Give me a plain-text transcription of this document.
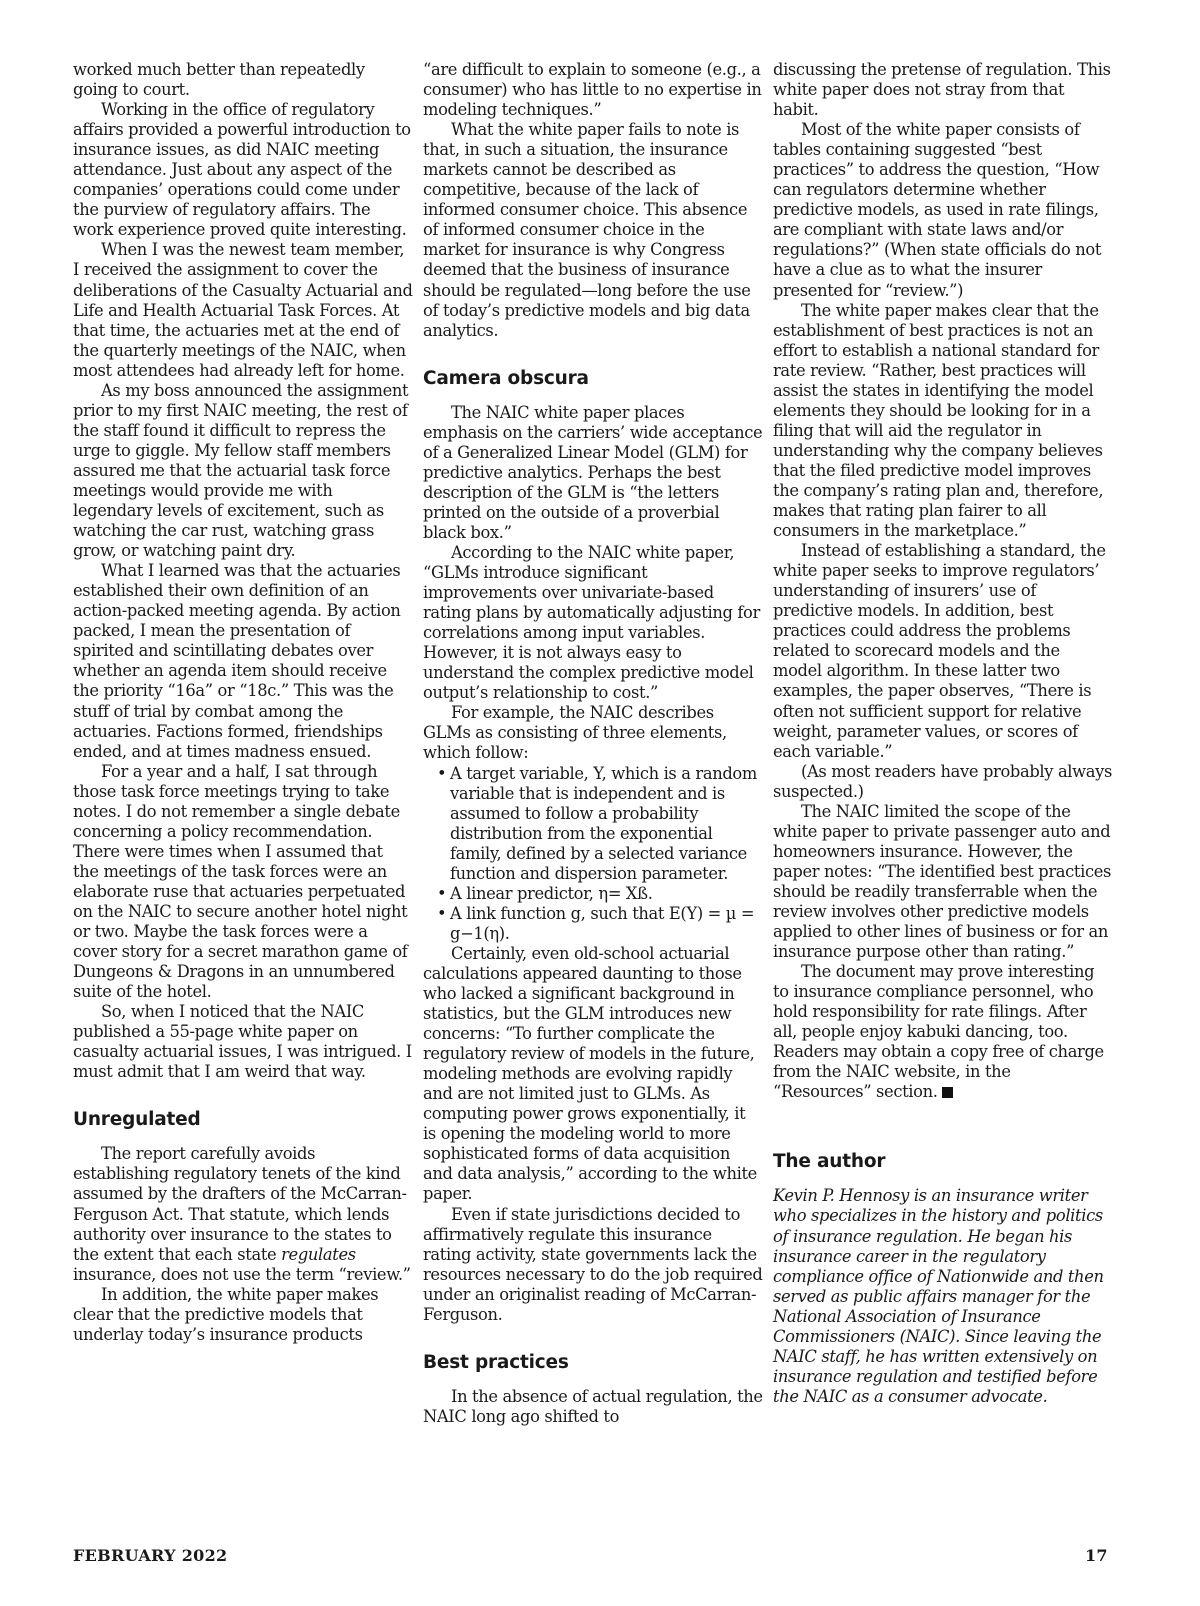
worked much better than repeatedly going to court.

Working in the office of regulatory affairs provided a powerful introduction to insurance issues, as did NAIC meeting attendance. Just about any aspect of the companies’ operations could come under the purview of regulatory affairs. The work experience proved quite interesting.

When I was the newest team member, I received the assignment to cover the deliberations of the Casualty Actuarial and Life and Health Actuarial Task Forces. At that time, the actuaries met at the end of the quarterly meetings of the NAIC, when most attendees had already left for home.

As my boss announced the assignment prior to my first NAIC meeting, the rest of the staff found it difficult to repress the urge to giggle. My fellow staff members assured me that the actuarial task force meetings would provide me with legendary levels of excitement, such as watching the car rust, watching grass grow, or watching paint dry.

What I learned was that the actuaries established their own definition of an action-packed meeting agenda. By action packed, I mean the presentation of spirited and scintillating debates over whether an agenda item should receive the priority “16a” or “18c.” This was the stuff of trial by combat among the actuaries. Factions formed, friendships ended, and at times madness ensued.

For a year and a half, I sat through those task force meetings trying to take notes. I do not remember a single debate concerning a policy recommendation. There were times when I assumed that the meetings of the task forces were an elaborate ruse that actuaries perpetuated on the NAIC to secure another hotel night or two. Maybe the task forces were a cover story for a secret marathon game of Dungeons & Dragons in an unnumbered suite of the hotel.

So, when I noticed that the NAIC published a 55-page white paper on casualty actuarial issues, I was intrigued. I must admit that I am weird that way.

Unregulated

The report carefully avoids establishing regulatory tenets of the kind assumed by the drafters of the McCarran-Ferguson Act. That statute, which lends authority over insurance to the states to the extent that each state regulates insurance, does not use the term “review.”

In addition, the white paper makes clear that the predictive models that underlay today’s insurance products

“are difficult to explain to someone (e.g., a consumer) who has little to no expertise in modeling techniques.”

What the white paper fails to note is that, in such a situation, the insurance markets cannot be described as competitive, because of the lack of informed consumer choice. This absence of informed consumer choice in the market for insurance is why Congress deemed that the business of insurance should be regulated—long before the use of today’s predictive models and big data analytics.

Camera obscura

The NAIC white paper places emphasis on the carriers’ wide acceptance of a Generalized Linear Model (GLM) for predictive analytics. Perhaps the best description of the GLM is “the letters printed on the outside of a proverbial black box.”

According to the NAIC white paper, “GLMs introduce significant improvements over univariate-based rating plans by automatically adjusting for correlations among input variables. However, it is not always easy to understand the complex predictive model output’s relationship to cost.”

For example, the NAIC describes GLMs as consisting of three elements, which follow:

• A target variable, Y, which is a random variable that is independent and is assumed to follow a probability distribution from the exponential family, defined by a selected variance function and dispersion parameter.
• A linear predictor, η= Xß.
• A link function g, such that E(Y) = µ = g−1(η).

Certainly, even old-school actuarial calculations appeared daunting to those who lacked a significant background in statistics, but the GLM introduces new concerns: “To further complicate the regulatory review of models in the future, modeling methods are evolving rapidly and are not limited just to GLMs. As computing power grows exponentially, it is opening the modeling world to more sophisticated forms of data acquisition and data analysis,” according to the white paper.

Even if state jurisdictions decided to affirmatively regulate this insurance rating activity, state governments lack the resources necessary to do the job required under an originalist reading of McCarran-Ferguson.

Best practices

In the absence of actual regulation, the NAIC long ago shifted to

discussing the pretense of regulation. This white paper does not stray from that habit.

Most of the white paper consists of tables containing suggested “best practices” to address the question, “How can regulators determine whether predictive models, as used in rate filings, are compliant with state laws and/or regulations?” (When state officials do not have a clue as to what the insurer presented for “review.”)

The white paper makes clear that the establishment of best practices is not an effort to establish a national standard for rate review. “Rather, best practices will assist the states in identifying the model elements they should be looking for in a filing that will aid the regulator in understanding why the company believes that the filed predictive model improves the company’s rating plan and, therefore, makes that rating plan fairer to all consumers in the marketplace.”

Instead of establishing a standard, the white paper seeks to improve regulators’ understanding of insurers’ use of predictive models. In addition, best practices could address the problems related to scorecard models and the model algorithm. In these latter two examples, the paper observes, “There is often not sufficient support for relative weight, parameter values, or scores of each variable.”

(As most readers have probably always suspected.)

The NAIC limited the scope of the white paper to private passenger auto and homeowners insurance. However, the paper notes: “The identified best practices should be readily transferrable when the review involves other predictive models applied to other lines of business or for an insurance purpose other than rating.”

The document may prove interesting to insurance compliance personnel, who hold responsibility for rate filings. After all, people enjoy kabuki dancing, too. Readers may obtain a copy free of charge from the NAIC website, in the “Resources” section.

The author

Kevin P. Hennosy is an insurance writer who specializes in the history and politics of insurance regulation. He began his insurance career in the regulatory compliance office of Nationwide and then served as public affairs manager for the National Association of Insurance Commissioners (NAIC). Since leaving the NAIC staff, he has written extensively on insurance regulation and testified before the NAIC as a consumer advocate.

FEBRUARY 2022	17
